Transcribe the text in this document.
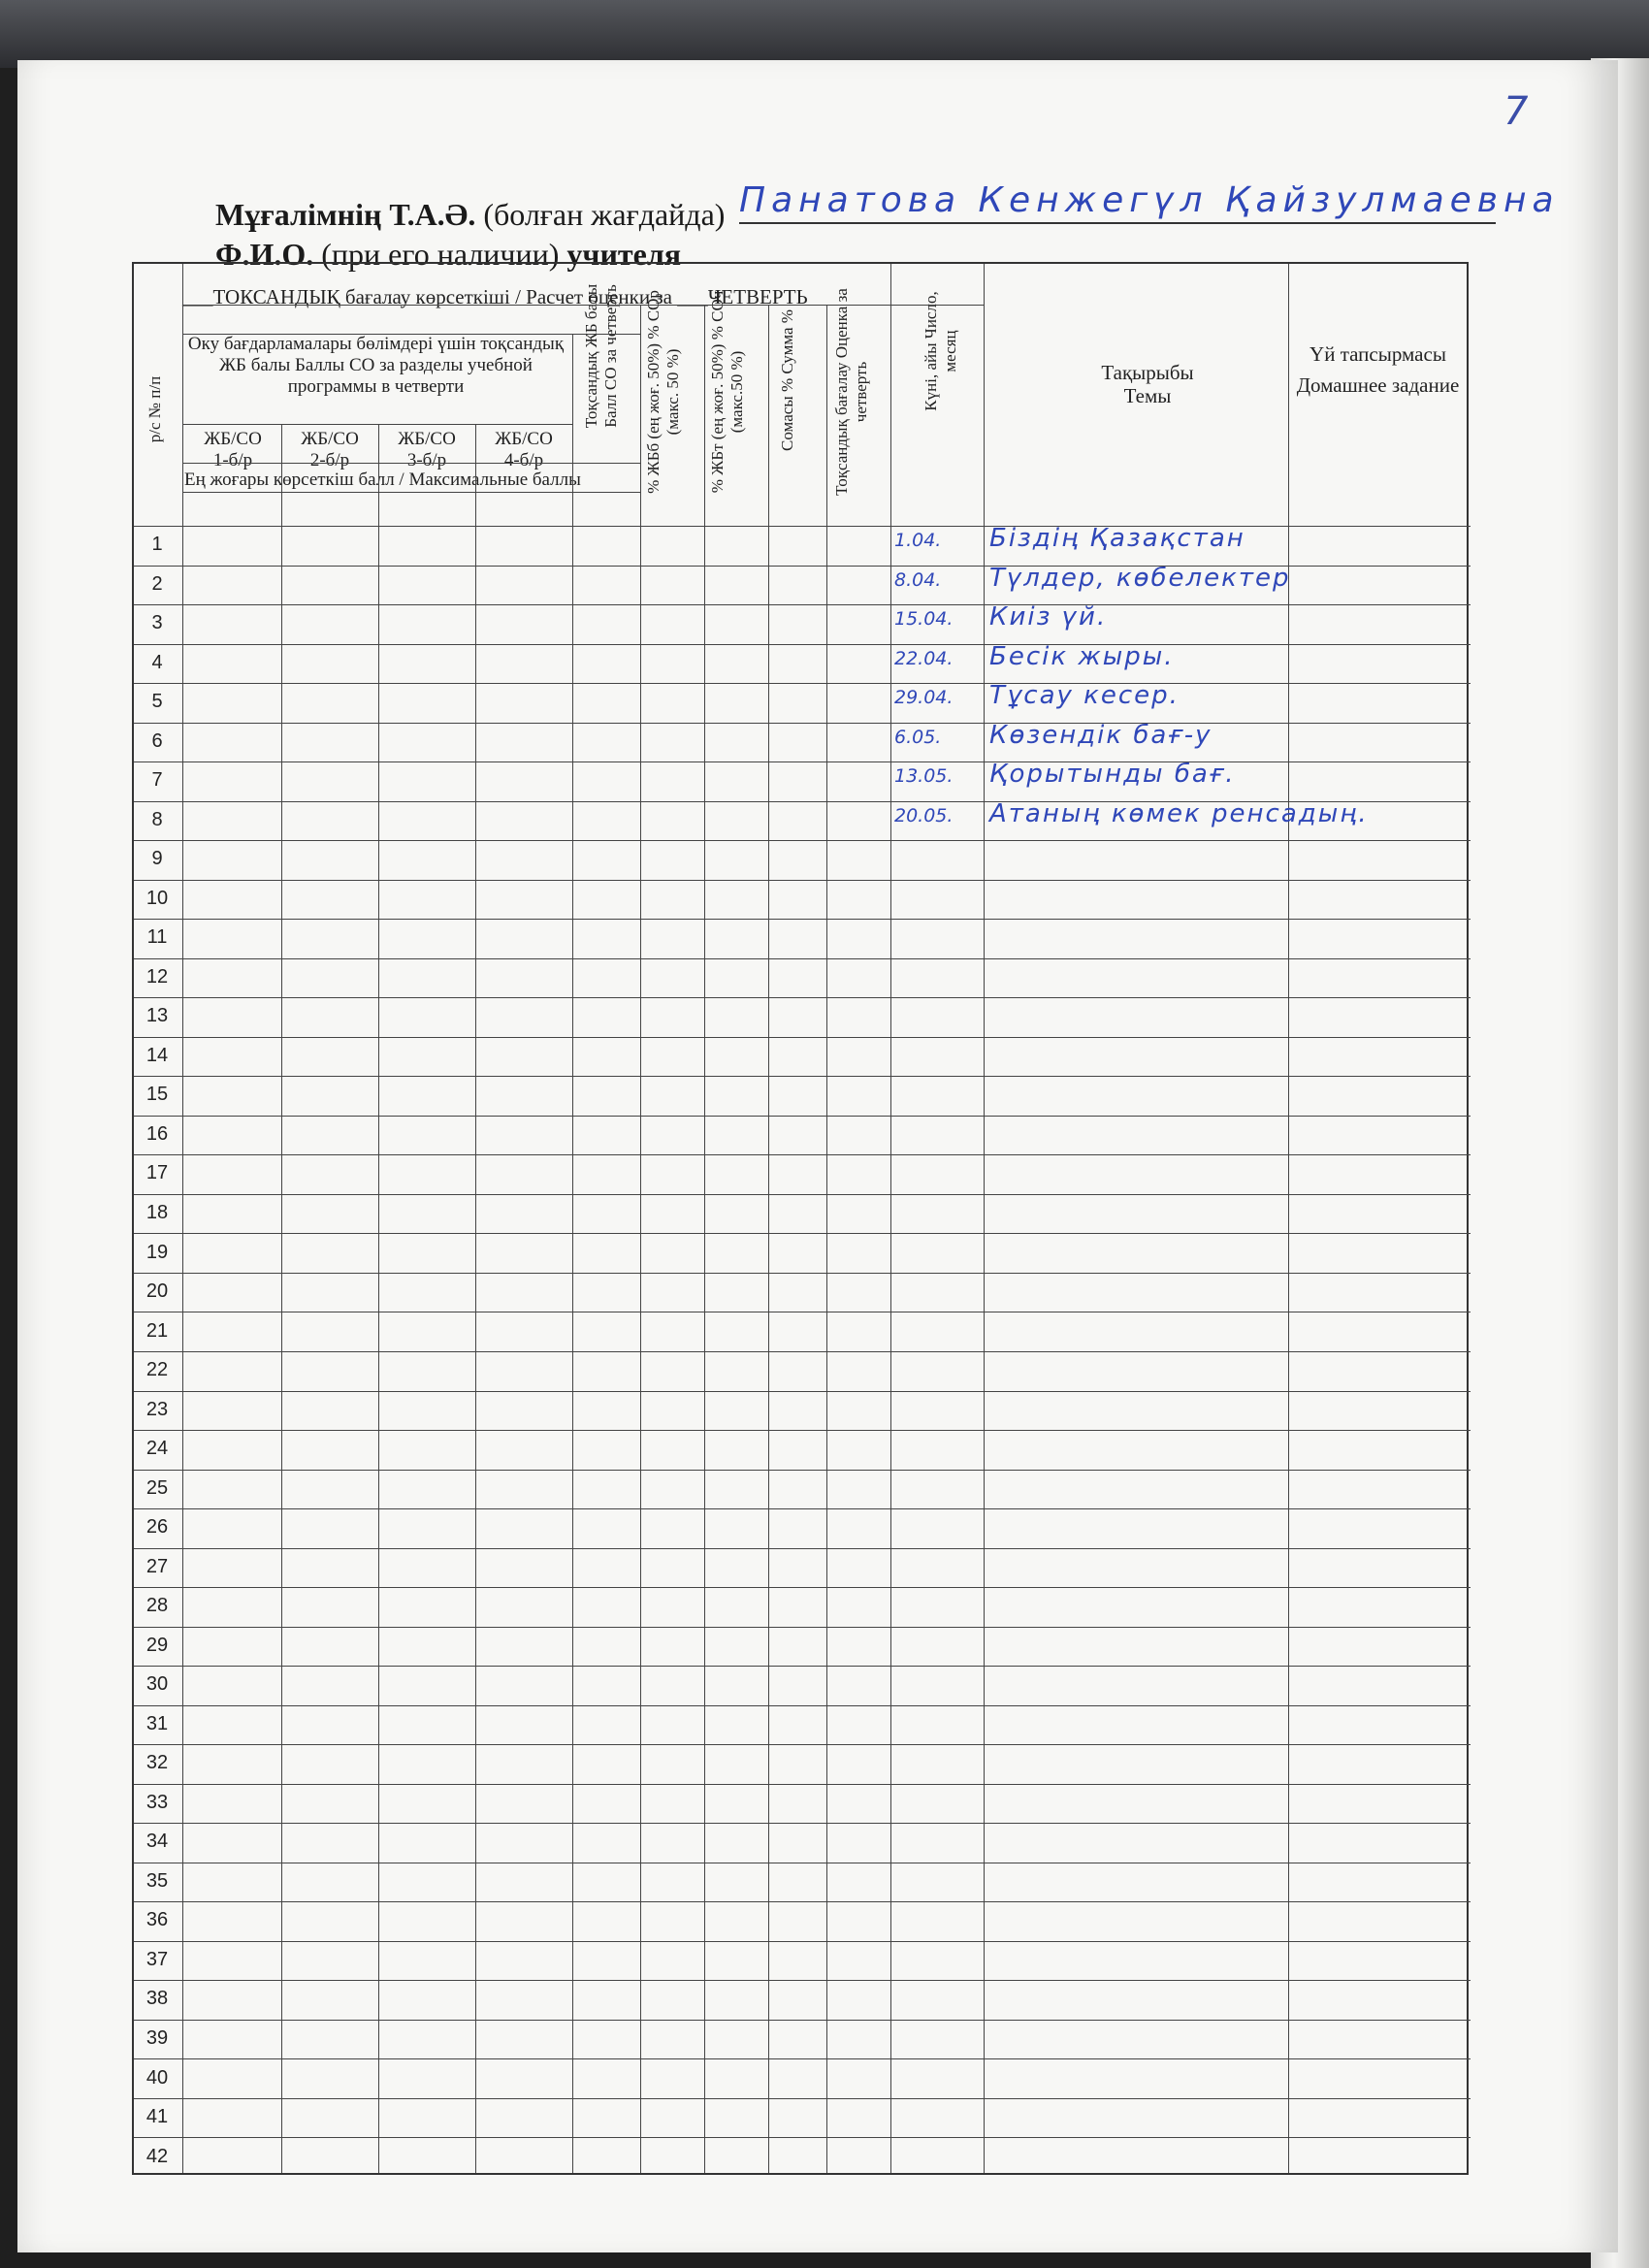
7
Мұғалімнің Т.А.Ә. (болған жағдайда) Панатова Кенжегүл Қайзулмаевна
Ф.И.О. (при его наличии) учителя
р/с № п/п
___ТОКСАНДЫҚ бағалау көрсеткіші / Расчет оценки за ___ЧЕТВЕРТЬ
Оку бағдарламалары бөлімдері үшін тоқсандық ЖБ балы Баллы СО за разделы учебной программы в четверти
ЖБ/СО
1-б/р
ЖБ/СО
2-б/р
ЖБ/СО
3-б/р
ЖБ/СО
4-б/р
Тоқсандық ЖБ балы Балл СО за четверть % ЖБб (ең жоғ. 50%) % СОр (макс. 50 %) % ЖБт (ең жоғ. 50%) % СОч (макс.50 %) Сомасы % Сумма % Тоқсандық бағалау Оценка за четверть	Күні, айы Число, месяц
Тақырыбы
Темы
Үй тапсырмасы
Домашнее задание
Ең жоғары көрсеткіш балл / Максимальные баллы
1
2
3
4
5
6
7
8
9
10
11
12
13
14
15
16
17
18
19
20
21
22
23
24
25
26
27
28
29
30
31
32
33
34
35
36
37
38
39
40
41
42
1.04. Біздің Қазақстан
8.04. Түлдер, көбелектер
15.04. Киіз үй.
22.04. Бесік жыры.
29.04. Тұсау кесер.
6.05. Көзендік бағ-у
13.05. Қорытынды бағ.
20.05. Атаның көмек ренсадың.
